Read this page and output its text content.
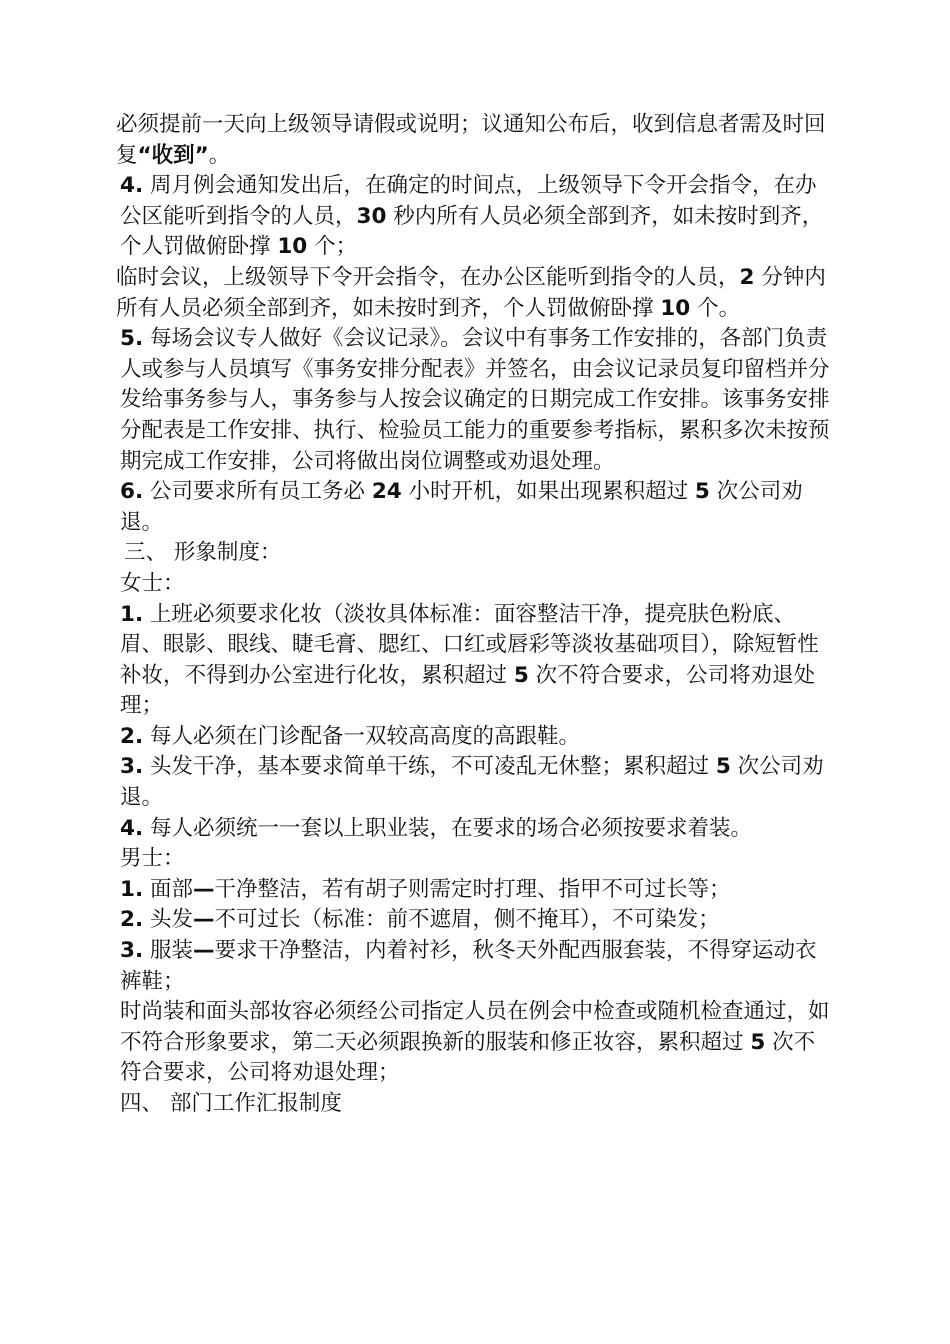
必须提前一天向上级领导请假或说明；议通知公布后，收到信息者需及时回复“收到”。

4. 周月例会通知发出后，在确定的时间点，上级领导下令开会指令，在办公区能听到指令的人员，30 秒内所有人员必须全部到齐，如未按时到齐，个人罚做俯卧撑 10 个；

临时会议，上级领导下令开会指令，在办公区能听到指令的人员，2 分钟内所有人员必须全部到齐，如未按时到齐，个人罚做俯卧撑 10 个。

5. 每场会议专人做好《会议记录》。会议中有事务工作安排的，各部门负责人或参与人员填写《事务安排分配表》并签名，由会议记录员复印留档并分发给事务参与人，事务参与人按会议确定的日期完成工作安排。该事务安排分配表是工作安排、执行、检验员工能力的重要参考指标，累积多次未按预期完成工作安排，公司将做出岗位调整或劝退处理。

6. 公司要求所有员工务必 24 小时开机，如果出现累积超过 5 次公司劝退。

三、 形象制度：

女士：

1. 上班必须要求化妆（淡妆具体标准：面容整洁干净，提亮肤色粉底、眉、眼影、眼线、睫毛膏、腮红、口红或唇彩等淡妆基础项目），除短暂性补妆，不得到办公室进行化妆，累积超过 5 次不符合要求，公司将劝退处理；

2. 每人必须在门诊配备一双较高高度的高跟鞋。

3. 头发干净，基本要求简单干练，不可凌乱无休整；累积超过 5 次公司劝退。

4. 每人必须统一一套以上职业装，在要求的场合必须按要求着装。

男士：

1. 面部—干净整洁，若有胡子则需定时打理、指甲不可过长等；

2. 头发—不可过长（标准：前不遮眉，侧不掩耳），不可染发；

3. 服装—要求干净整洁，内着衬衫，秋冬天外配西服套装，不得穿运动衣裤鞋；

时尚装和面头部妆容必须经公司指定人员在例会中检查或随机检查通过，如不符合形象要求，第二天必须跟换新的服装和修正妆容，累积超过 5 次不符合要求，公司将劝退处理；

四、 部门工作汇报制度
